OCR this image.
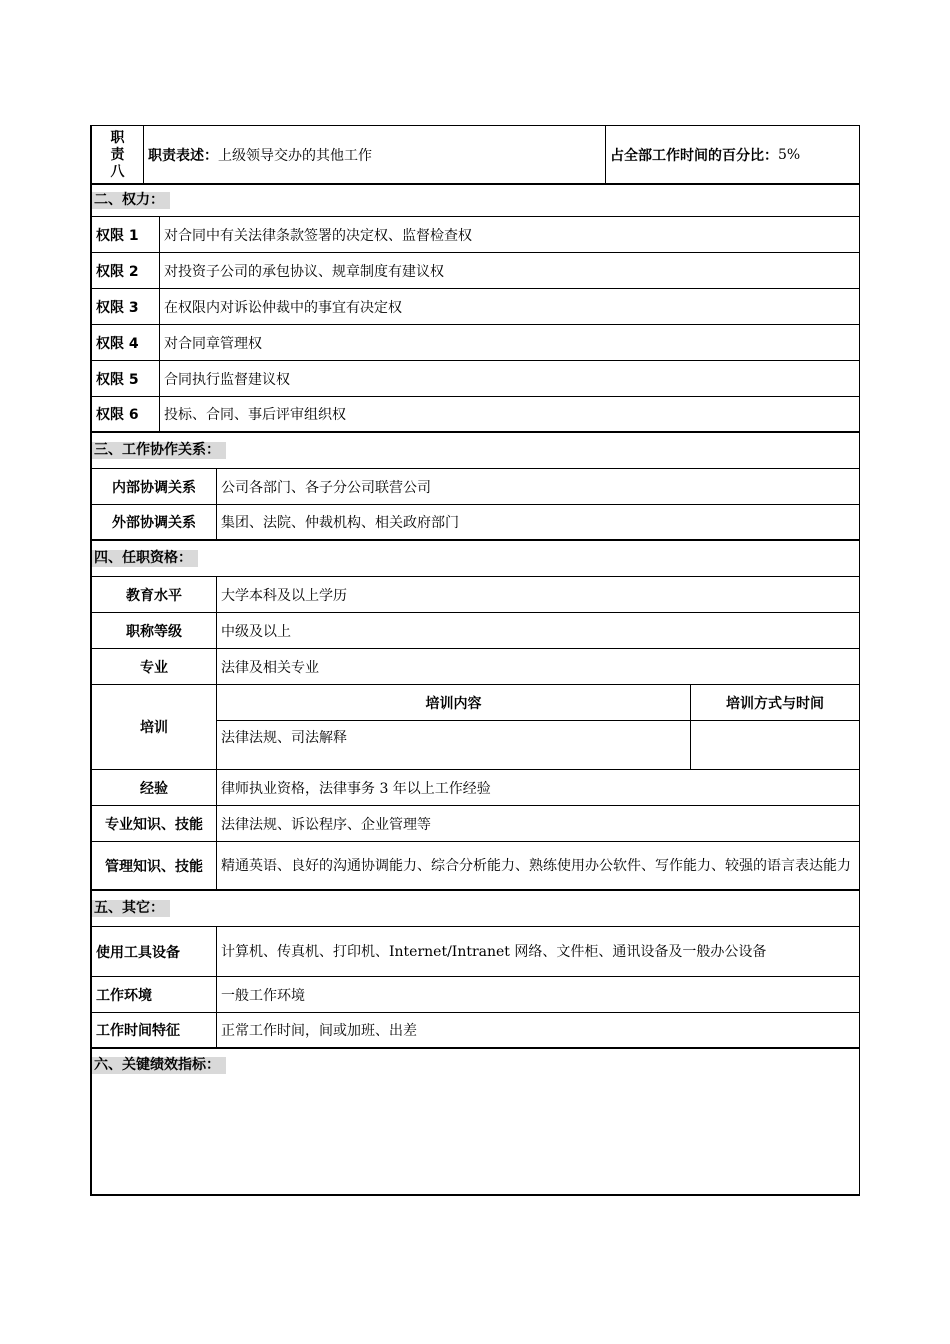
职
责
八
职责表述： 上级领导交办的其他工作	占全部工作时间的百分比： 5%
二、权力：
权限 1	对合同中有关法律条款签署的决定权、监督检查权
权限 2	对投资子公司的承包协议、规章制度有建议权
权限 3	在权限内对诉讼仲裁中的事宜有决定权
权限 4	对合同章管理权
权限 5	合同执行监督建议权
权限 6	投标、合同、事后评审组织权
三、工作协作关系：
内部协调关系	公司各部门、各子分公司联营公司
外部协调关系	集团、法院、仲裁机构、相关政府部门
四、任职资格：
教育水平	大学本科及以上学历
职称等级	中级及以上
专业	法律及相关专业
培训
培训内容	培训方式与时间
法律法规、司法解释
经验	律师执业资格，法律事务 3 年以上工作经验
专业知识、技能	法律法规、诉讼程序、企业管理等
管理知识、技能	精通英语、良好的沟通协调能力、综合分析能力、熟练使用办公软件、写作能力、较强的语言表达能力
五、其它：
使用工具设备	计算机、传真机、打印机、Internet/Intranet 网络、文件柜、通讯设备及一般办公设备
工作环境	一般工作环境
工作时间特征	正常工作时间，间或加班、出差
六、关键绩效指标：
